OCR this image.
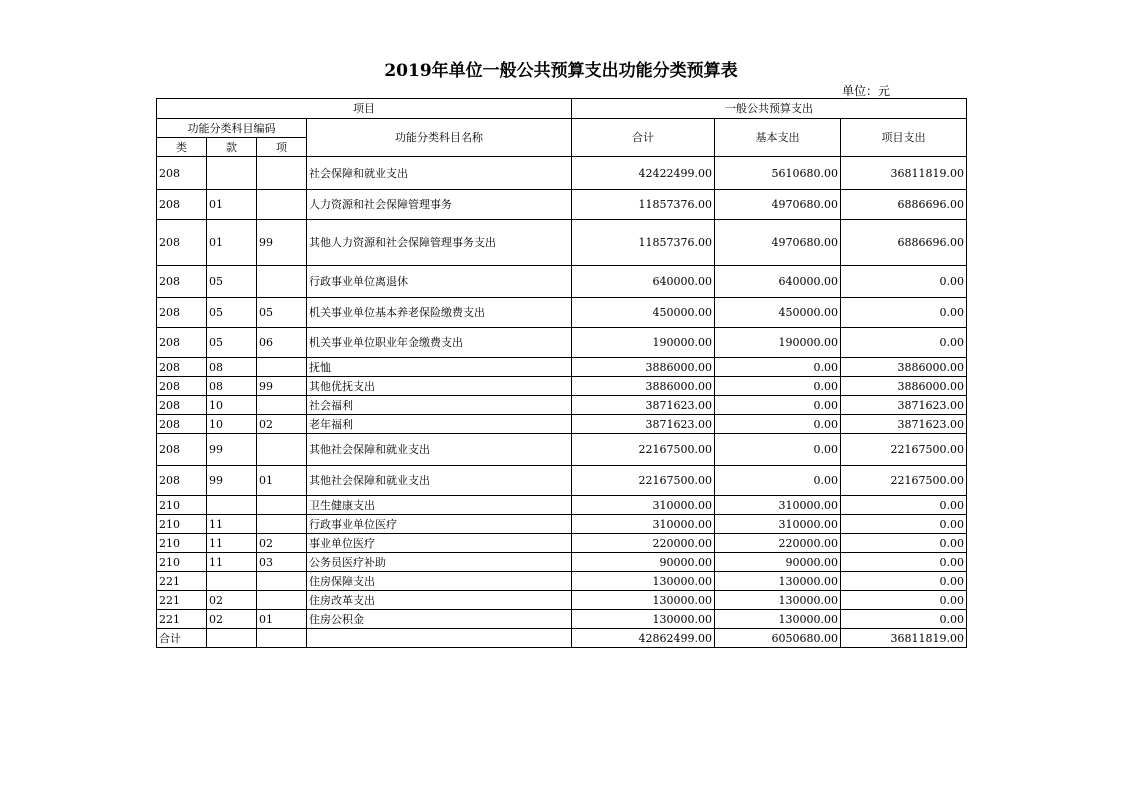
2019年单位一般公共预算支出功能分类预算表
单位：元
项目				一般公共预算支出		
功能分类科目编码			功能分类科目名称	合计	基本支出	项目支出
类	款	项				
208			社会保障和就业支出	42422499.00	5610680.00	36811819.00
208	01		人力资源和社会保障管理事务	11857376.00	4970680.00	6886696.00
208	01	99	其他人力资源和社会保障管理事务支出	11857376.00	4970680.00	6886696.00
208	05		行政事业单位离退休	640000.00	640000.00	0.00
208	05	05	机关事业单位基本养老保险缴费支出	450000.00	450000.00	0.00
208	05	06	机关事业单位职业年金缴费支出	190000.00	190000.00	0.00
208	08		抚恤	3886000.00	0.00	3886000.00
208	08	99	其他优抚支出	3886000.00	0.00	3886000.00
208	10		社会福利	3871623.00	0.00	3871623.00
208	10	02	老年福利	3871623.00	0.00	3871623.00
208	99		其他社会保障和就业支出	22167500.00	0.00	22167500.00
208	99	01	其他社会保障和就业支出	22167500.00	0.00	22167500.00
210			卫生健康支出	310000.00	310000.00	0.00
210	11		行政事业单位医疗	310000.00	310000.00	0.00
210	11	02	事业单位医疗	220000.00	220000.00	0.00
210	11	03	公务员医疗补助	90000.00	90000.00	0.00
221			住房保障支出	130000.00	130000.00	0.00
221	02		住房改革支出	130000.00	130000.00	0.00
221	02	01	住房公积金	130000.00	130000.00	0.00
合计				42862499.00	6050680.00	36811819.00
